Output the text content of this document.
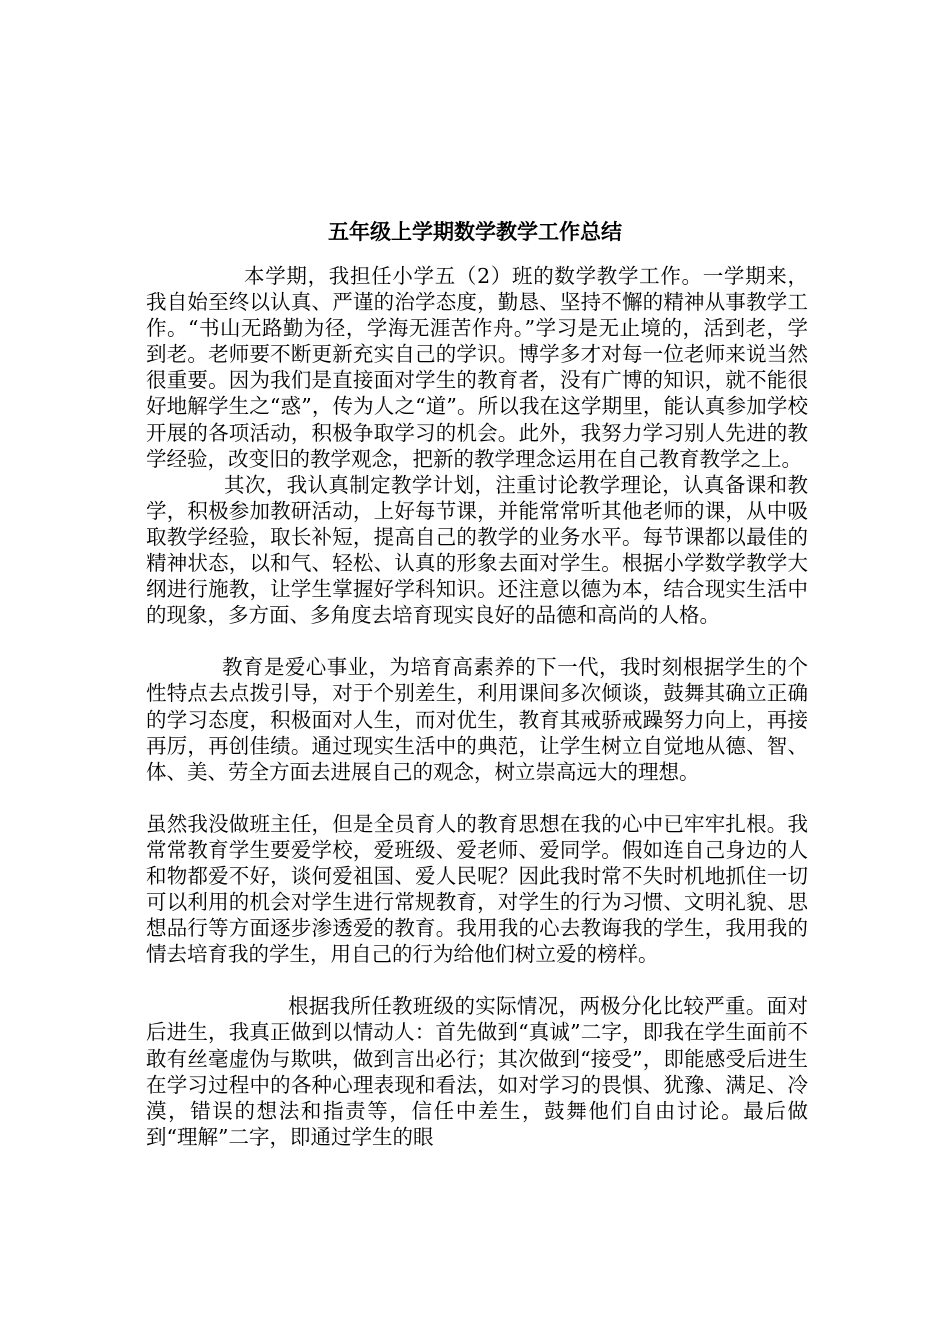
五年级上学期数学教学工作总结

本学期，我担任小学五（2）班的数学教学工作。一学期来，我自始至终以认真、严谨的治学态度，勤恳、坚持不懈的精神从事教学工作。“书山无路勤为径，学海无涯苦作舟。”学习是无止境的，活到老，学到老。老师要不断更新充实自己的学识。博学多才对每一位老师来说当然很重要。因为我们是直接面对学生的教育者，没有广博的知识，就不能很好地解学生之“惑”，传为人之“道”。所以我在这学期里，能认真参加学校开展的各项活动，积极争取学习的机会。此外，我努力学习别人先进的教学经验，改变旧的教学观念，把新的教学理念运用在自己教育教学之上。

其次，我认真制定教学计划，注重讨论教学理论，认真备课和教学，积极参加教研活动，上好每节课，并能常常听其他老师的课，从中吸取教学经验，取长补短，提高自己的教学的业务水平。每节课都以最佳的精神状态，以和气、轻松、认真的形象去面对学生。根据小学数学教学大纲进行施教，让学生掌握好学科知识。还注意以德为本，结合现实生活中的现象，多方面、多角度去培育现实良好的品德和高尚的人格。

教育是爱心事业，为培育高素养的下一代，我时刻根据学生的个性特点去点拨引导，对于个别差生，利用课间多次倾谈，鼓舞其确立正确的学习态度，积极面对人生，而对优生，教育其戒骄戒躁努力向上，再接再厉，再创佳绩。通过现实生活中的典范，让学生树立自觉地从德、智、体、美、劳全方面去进展自己的观念，树立崇高远大的理想。

虽然我没做班主任，但是全员育人的教育思想在我的心中已牢牢扎根。我常常教育学生要爱学校，爱班级、爱老师、爱同学。假如连自己身边的人和物都爱不好，谈何爱祖国、爱人民呢？因此我时常不失时机地抓住一切可以利用的机会对学生进行常规教育，对学生的行为习惯、文明礼貌、思想品行等方面逐步渗透爱的教育。我用我的心去教诲我的学生，我用我的情去培育我的学生，用自己的行为给他们树立爱的榜样。

根据我所任教班级的实际情况，两极分化比较严重。面对后进生，我真正做到以情动人：首先做到“真诚”二字，即我在学生面前不敢有丝毫虚伪与欺哄，做到言出必行；其次做到“接受”，即能感受后进生在学习过程中的各种心理表现和看法，如对学习的畏惧、犹豫、满足、冷漠，错误的想法和指责等，信任中差生，鼓舞他们自由讨论。最后做到“理解”二字，即通过学生的眼
